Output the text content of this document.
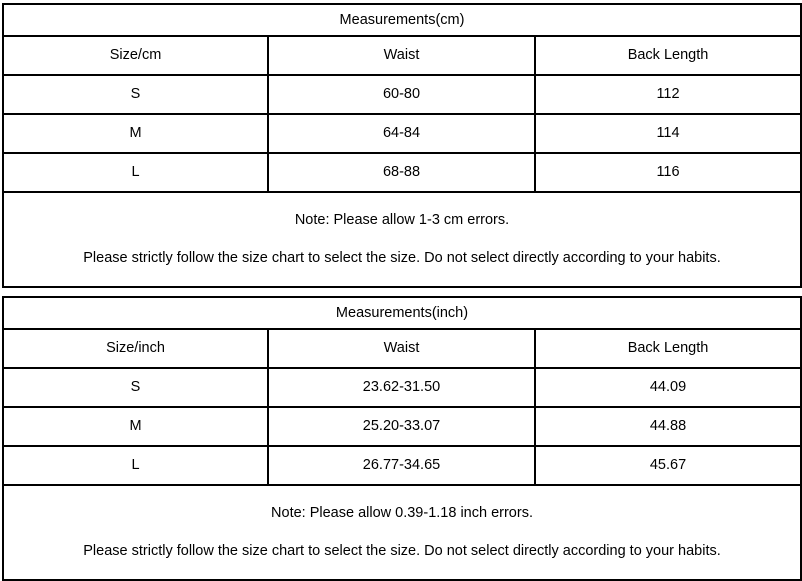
Measurements(cm)		
Size/cm	Waist	Back Length
S	60-80	112
M	64-84	114
L	68-88	116

Note: Please allow 1-3 cm errors.
Please strictly follow the size chart to select the size. Do not select directly according to your habits.		
Measurements(inch)		
Size/inch	Waist	Back Length
S	23.62-31.50	44.09
M	25.20-33.07	44.88
L	26.77-34.65	45.67

Note: Please allow 0.39-1.18 inch errors.
Please strictly follow the size chart to select the size. Do not select directly according to your habits.		
